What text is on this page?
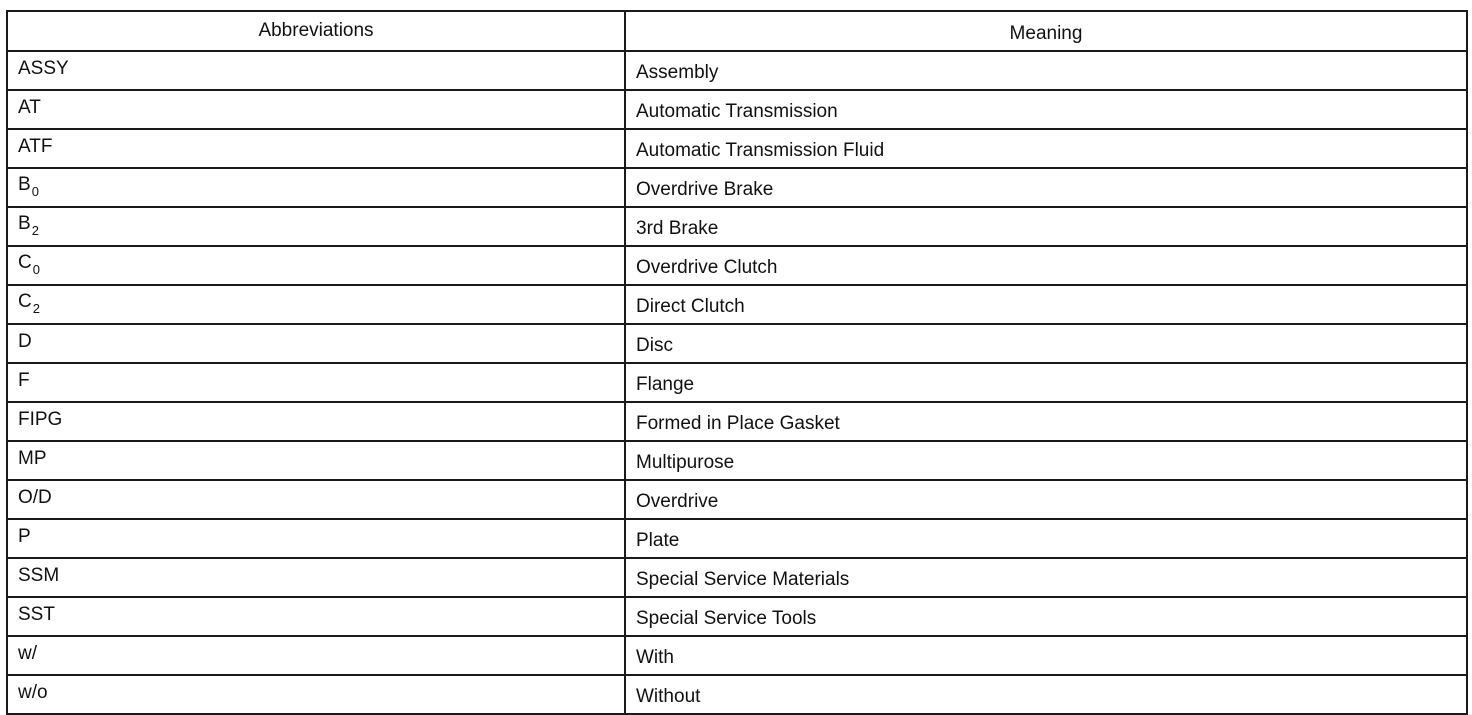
Abbreviations	Meaning
ASSY	Assembly
AT	Automatic Transmission
ATF	Automatic Transmission Fluid
$B_0$	Overdrive Brake
$B_2$	3rd Brake
$C_0$	Overdrive Clutch
$C_2$	Direct Clutch
D	Disc
F	Flange
FIPG	Formed in Place Gasket
MP	Multipurose
O/D	Overdrive
P	Plate
SSM	Special Service Materials
SST	Special Service Tools
w/	With
w/o	Without
